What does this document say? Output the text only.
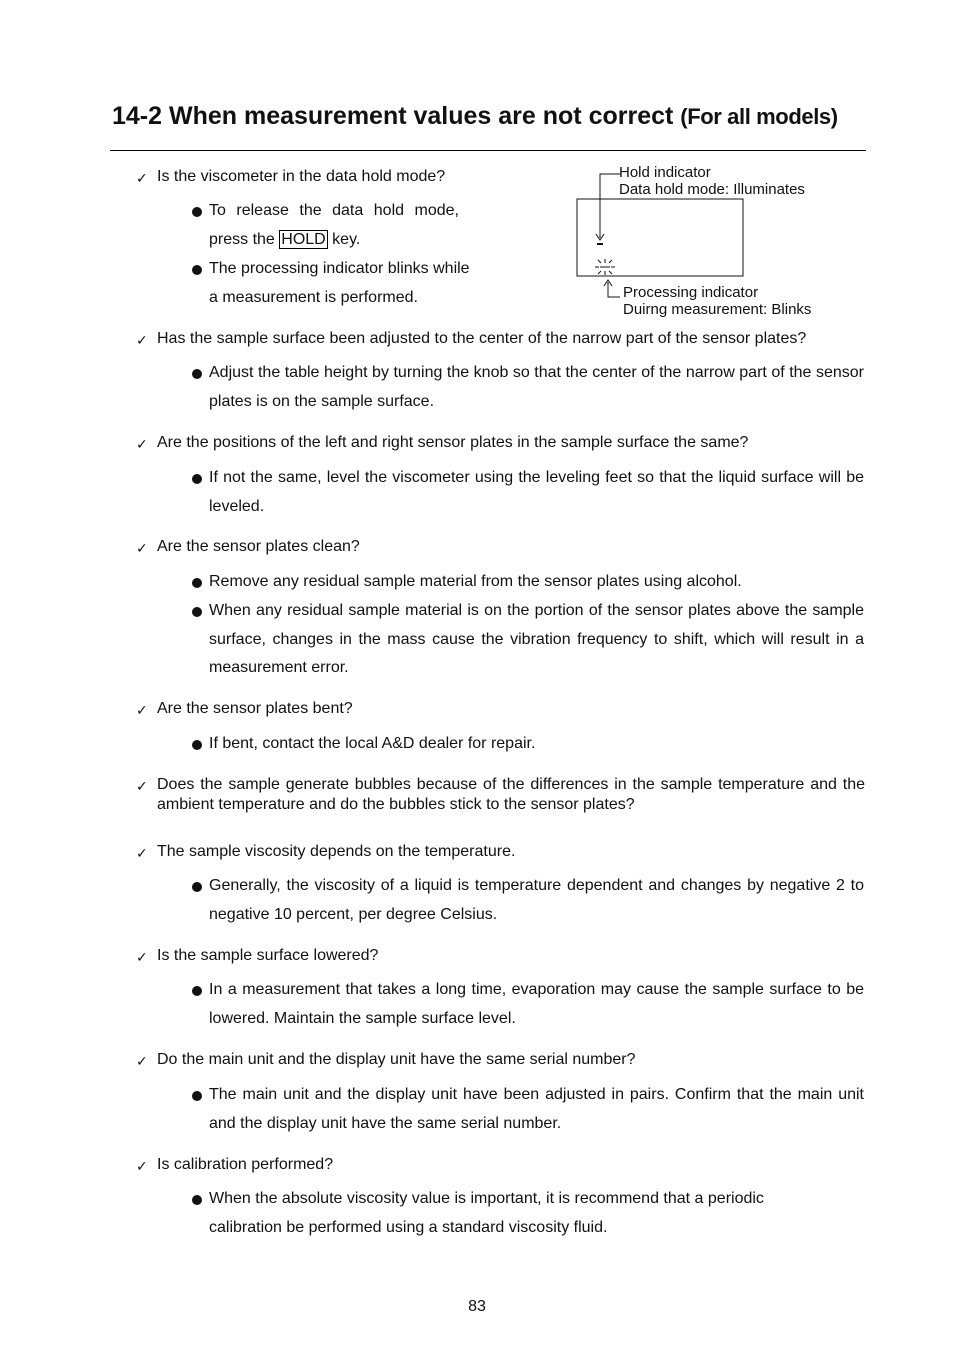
14-2 When measurement values are not correct (For all models)
Hold indicator
Data hold mode: Illuminates
Processing indicator
Duirng measurement: Blinks
✓ Is the viscometer in the data hold mode?
To release the data hold mode, press the HOLD key.
The processing indicator blinks while a measurement is performed.
✓ Has the sample surface been adjusted to the center of the narrow part of the sensor plates?
Adjust the table height by turning the knob so that the center of the narrow part of the sensor plates is on the sample surface.
✓ Are the positions of the left and right sensor plates in the sample surface the same?
If not the same, level the viscometer using the leveling feet so that the liquid surface will be leveled.
✓ Are the sensor plates clean?
Remove any residual sample material from the sensor plates using alcohol.
When any residual sample material is on the portion of the sensor plates above the sample surface, changes in the mass cause the vibration frequency to shift, which will result in a measurement error.
✓ Are the sensor plates bent?
If bent, contact the local A&D dealer for repair.
✓ Does the sample generate bubbles because of the differences in the sample temperature and the ambient temperature and do the bubbles stick to the sensor plates?
✓ The sample viscosity depends on the temperature.
Generally, the viscosity of a liquid is temperature dependent and changes by negative 2 to negative 10 percent, per degree Celsius.
✓ Is the sample surface lowered?
In a measurement that takes a long time, evaporation may cause the sample surface to be lowered. Maintain the sample surface level.
✓ Do the main unit and the display unit have the same serial number?
The main unit and the display unit have been adjusted in pairs. Confirm that the main unit and the display unit have the same serial number.
✓ Is calibration performed?
When the absolute viscosity value is important, it is recommend that a periodic calibration be performed using a standard viscosity fluid.
83
